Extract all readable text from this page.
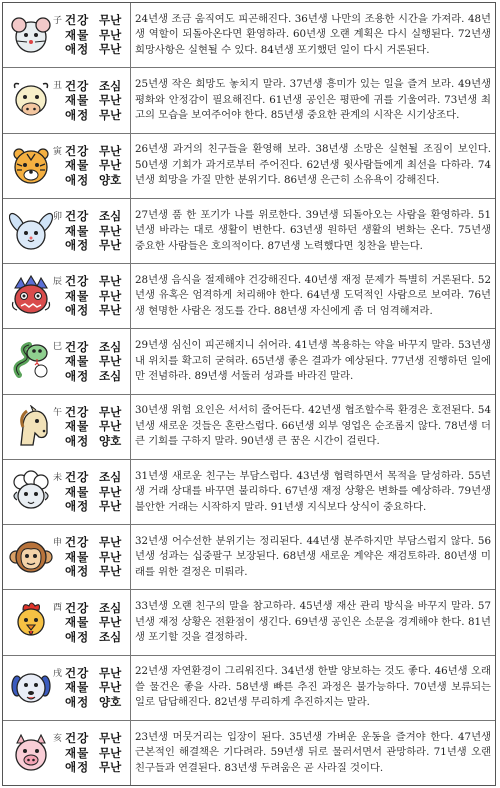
子 건강 무난
재물 무난
애정 무난
24년생 조금 움직여도 피곤해진다. 36년생 나만의 조용한 시간을 가져라. 48년생 역할이 되돌아온다면 환영하라. 60년생 오랜 계획은 다시 실행된다. 72년생 희망사항은 실현될 수 있다. 84년생 포기했던 일이 다시 거론된다.
丑 건강 조심
재물 무난
애정 무난
25년생 작은 희망도 놓치지 말라. 37년생 흥미가 있는 일을 즐겨 보라. 49년생 평화와 안정감이 필요해진다. 61년생 공인은 평판에 귀를 기울여라. 73년생 최고의 모습을 보여주어야 한다. 85년생 중요한 관계의 시작은 시기상조다.
寅 건강 무난
재물 무난
애정 양호
26년생 과거의 친구들을 환영해 보라. 38년생 소망은 실현될 조짐이 보인다. 50년생 기회가 과거로부터 주어진다. 62년생 윗사람들에게 최선을 다하라. 74년생 희망을 가질 만한 분위기다. 86년생 은근히 소유욕이 강해진다.
卯 건강 조심
재물 무난
애정 무난
27년생 품 한 포기가 나를 위로한다. 39년생 되돌아오는 사람을 환영하라. 51년생 바라는 대로 생활이 변한다. 63년생 원하던 생활의 변화는 온다. 75년생 중요한 사람들은 호의적이다. 87년생 노력했다면 칭찬을 받는다.
辰 건강 무난
재물 무난
애정 무난
28년생 음식을 절제해야 건강해진다. 40년생 재정 문제가 특별히 거론된다. 52년생 유혹은 엄격하게 처리해야 한다. 64년생 도덕적인 사람으로 보여라. 76년생 현명한 사람은 정도를 간다. 88년생 자신에게 좀 더 엄격해져라.
巳 건강 조심
재물 무난
애정 조심
29년생 심신이 피곤해지니 쉬어라. 41년생 복용하는 약을 바꾸지 말라. 53년생 내 위치를 확고히 굳혀라. 65년생 좋은 결과가 예상된다. 77년생 진행하던 일에만 전념하라. 89년생 서둘러 성과를 바라진 말라.
午 건강 무난
재물 무난
애정 양호
30년생 위험 요인은 서서히 줄어든다. 42년생 협조할수록 환경은 호전된다. 54년생 새로운 것들은 혼란스럽다. 66년생 외부 영업은 순조롭지 않다. 78년생 더 큰 기회를 구하지 말라. 90년생 큰 꿈은 시간이 걸린다.
未 건강 조심
재물 무난
애정 무난
31년생 새로운 친구는 부담스럽다. 43년생 협력하면서 목적을 달성하라. 55년생 거래 상대를 바꾸면 불리하다. 67년생 재정 상황은 변화를 예상하라. 79년생 불안한 거래는 시작하지 말라. 91년생 지식보다 상식이 중요하다.
申 건강 무난
재물 무난
애정 무난
32년생 어수선한 분위기는 정리된다. 44년생 분주하지만 부담스럽지 않다. 56년생 성과는 십중팔구 보장된다. 68년생 새로운 계약은 재검토하라. 80년생 미래를 위한 결정은 미뤄라.
酉 건강 조심
재물 무난
애정 조심
33년생 오랜 친구의 말을 참고하라. 45년생 재산 관리 방식을 바꾸지 말라. 57년생 재정 상황은 전환점이 생긴다. 69년생 공인은 소문을 경계해야 한다. 81년생 포기할 것을 결정하라.
戌 건강 무난
재물 무난
애정 양호
22년생 자연환경이 그리워진다. 34년생 한발 양보하는 것도 좋다. 46년생 오래 쓸 물건은 좋을 사라. 58년생 빠른 추진 과정은 불가능하다. 70년생 보류되는 일로 답답해진다. 82년생 무리하게 추진하지는 말라.
亥 건강 무난
재물 무난
애정 무난
23년생 머뭇거리는 입장이 된다. 35년생 가벼운 운동을 즐겨야 한다. 47년생 근본적인 해결책은 기다려라. 59년생 뒤로 물러서면서 관망하라. 71년생 오랜 친구들과 연결된다. 83년생 두려움은 곧 사라질 것이다.
